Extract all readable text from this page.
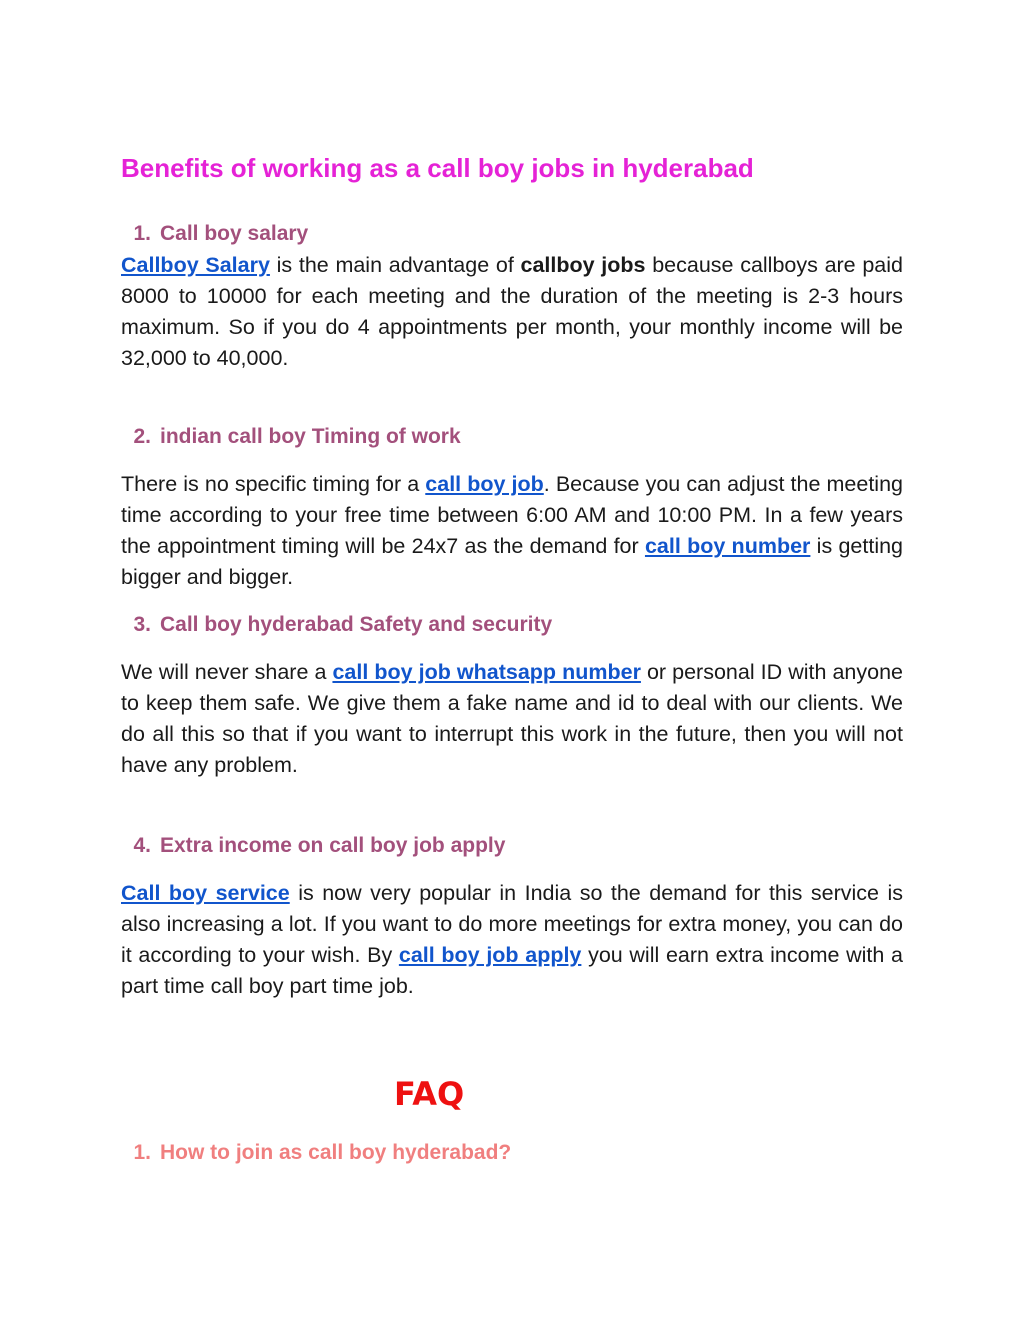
Benefits of working as a call boy jobs in hyderabad
1. Call boy salary

Callboy Salary is the main advantage of callboy jobs because callboys are paid 8000 to 10000 for each meeting and the duration of the meeting is 2-3 hours maximum. So if you do 4 appointments per month, your monthly income will be 32,000 to 40,000.

2. indian call boy Timing of work

There is no specific timing for a call boy job. Because you can adjust the meeting time according to your free time between 6:00 AM and 10:00 PM. In a few years the appointment timing will be 24x7 as the demand for call boy number is getting bigger and bigger.

3. Call boy hyderabad Safety and security

We will never share a call boy job whatsapp number or personal ID with anyone to keep them safe. We give them a fake name and id to deal with our clients. We do all this so that if you want to interrupt this work in the future, then you will not have any problem.

4. Extra income on call boy job apply

Call boy service is now very popular in India so the demand for this service is also increasing a lot. If you want to do more meetings for extra money, you can do it according to your wish. By call boy job apply you will earn extra income with a part time call boy part time job.

FAQ
1. How to join as call boy hyderabad?
